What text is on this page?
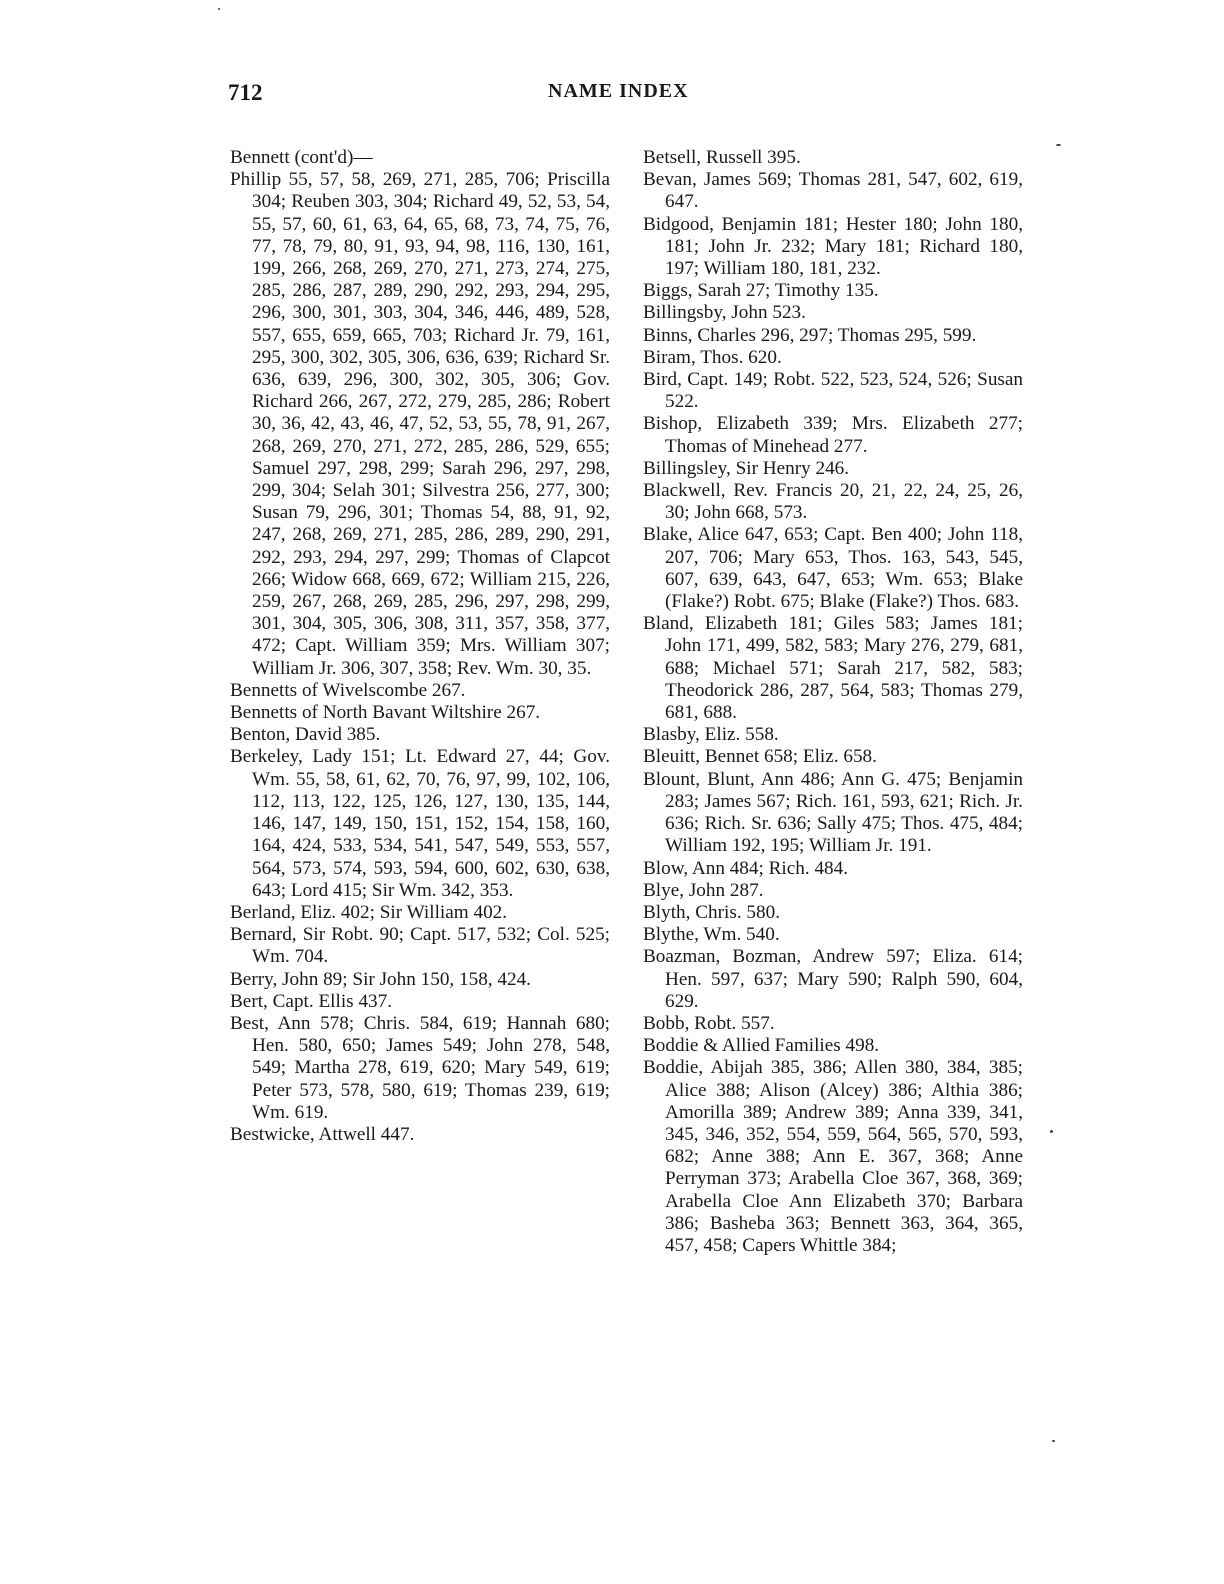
712	NAME INDEX

Bennett (cont'd)—

Phillip 55, 57, 58, 269, 271, 285, 706; Priscilla 304; Reuben 303, 304; Richard 49, 52, 53, 54, 55, 57, 60, 61, 63, 64, 65, 68, 73, 74, 75, 76, 77, 78, 79, 80, 91, 93, 94, 98, 116, 130, 161, 199, 266, 268, 269, 270, 271, 273, 274, 275, 285, 286, 287, 289, 290, 292, 293, 294, 295, 296, 300, 301, 303, 304, 346, 446, 489, 528, 557, 655, 659, 665, 703; Richard Jr. 79, 161, 295, 300, 302, 305, 306, 636, 639; Richard Sr. 636, 639, 296, 300, 302, 305, 306; Gov. Richard 266, 267, 272, 279, 285, 286; Robert 30, 36, 42, 43, 46, 47, 52, 53, 55, 78, 91, 267, 268, 269, 270, 271, 272, 285, 286, 529, 655; Samuel 297, 298, 299; Sarah 296, 297, 298, 299, 304; Selah 301; Silvestra 256, 277, 300; Susan 79, 296, 301; Thomas 54, 88, 91, 92, 247, 268, 269, 271, 285, 286, 289, 290, 291, 292, 293, 294, 297, 299; Thomas of Clapcot 266; Widow 668, 669, 672; William 215, 226, 259, 267, 268, 269, 285, 296, 297, 298, 299, 301, 304, 305, 306, 308, 311, 357, 358, 377, 472; Capt. William 359; Mrs. William 307; William Jr. 306, 307, 358; Rev. Wm. 30, 35.

Bennetts of Wivelscombe 267.

Bennetts of North Bavant Wiltshire 267.

Benton, David 385.

Berkeley, Lady 151; Lt. Edward 27, 44; Gov. Wm. 55, 58, 61, 62, 70, 76, 97, 99, 102, 106, 112, 113, 122, 125, 126, 127, 130, 135, 144, 146, 147, 149, 150, 151, 152, 154, 158, 160, 164, 424, 533, 534, 541, 547, 549, 553, 557, 564, 573, 574, 593, 594, 600, 602, 630, 638, 643; Lord 415; Sir Wm. 342, 353.

Berland, Eliz. 402; Sir William 402.

Bernard, Sir Robt. 90; Capt. 517, 532; Col. 525; Wm. 704.

Berry, John 89; Sir John 150, 158, 424.

Bert, Capt. Ellis 437.

Best, Ann 578; Chris. 584, 619; Hannah 680; Hen. 580, 650; James 549; John 278, 548, 549; Martha 278, 619, 620; Mary 549, 619; Peter 573, 578, 580, 619; Thomas 239, 619; Wm. 619.

Bestwicke, Attwell 447.

Betsell, Russell 395.

Bevan, James 569; Thomas 281, 547, 602, 619, 647.

Bidgood, Benjamin 181; Hester 180; John 180, 181; John Jr. 232; Mary 181; Richard 180, 197; William 180, 181, 232.

Biggs, Sarah 27; Timothy 135.

Billingsby, John 523.

Binns, Charles 296, 297; Thomas 295, 599.

Biram, Thos. 620.

Bird, Capt. 149; Robt. 522, 523, 524, 526; Susan 522.

Bishop, Elizabeth 339; Mrs. Elizabeth 277; Thomas of Minehead 277.

Billingsley, Sir Henry 246.

Blackwell, Rev. Francis 20, 21, 22, 24, 25, 26, 30; John 668, 573.

Blake, Alice 647, 653; Capt. Ben 400; John 118, 207, 706; Mary 653, Thos. 163, 543, 545, 607, 639, 643, 647, 653; Wm. 653; Blake (Flake?) Robt. 675; Blake (Flake?) Thos. 683.

Bland, Elizabeth 181; Giles 583; James 181; John 171, 499, 582, 583; Mary 276, 279, 681, 688; Michael 571; Sarah 217, 582, 583; Theodorick 286, 287, 564, 583; Thomas 279, 681, 688.

Blasby, Eliz. 558.

Bleuitt, Bennet 658; Eliz. 658.

Blount, Blunt, Ann 486; Ann G. 475; Benjamin 283; James 567; Rich. 161, 593, 621; Rich. Jr. 636; Rich. Sr. 636; Sally 475; Thos. 475, 484; William 192, 195; William Jr. 191.

Blow, Ann 484; Rich. 484.

Blye, John 287.

Blyth, Chris. 580.

Blythe, Wm. 540.

Boazman, Bozman, Andrew 597; Eliza. 614; Hen. 597, 637; Mary 590; Ralph 590, 604, 629.

Bobb, Robt. 557.

Boddie & Allied Families 498.

Boddie, Abijah 385, 386; Allen 380, 384, 385; Alice 388; Alison (Alcey) 386; Althia 386; Amorilla 389; Andrew 389; Anna 339, 341, 345, 346, 352, 554, 559, 564, 565, 570, 593, 682; Anne 388; Ann E. 367, 368; Anne Perryman 373; Arabella Cloe 367, 368, 369; Arabella Cloe Ann Elizabeth 370; Barbara 386; Basheba 363; Bennett 363, 364, 365, 457, 458; Capers Whittle 384;
